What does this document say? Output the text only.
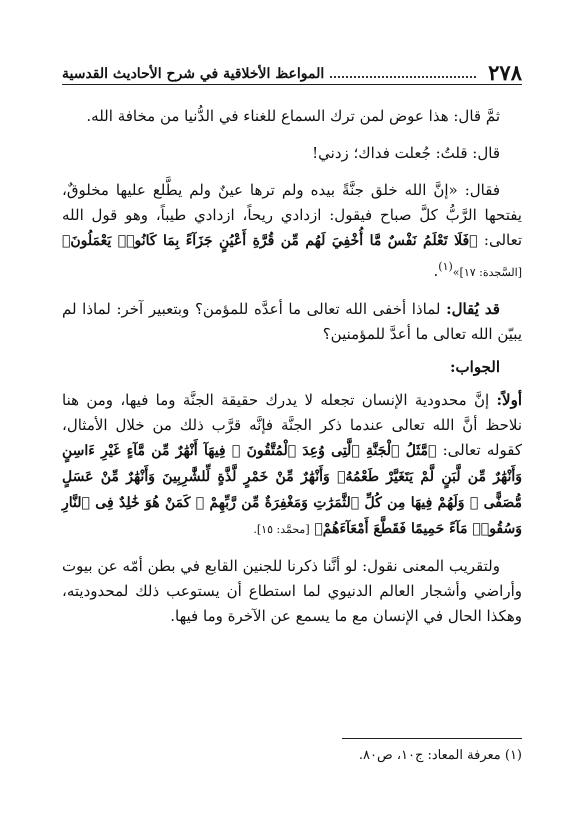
٢٧٨
المواعظ الأخلاقية في شرح الأحاديث القدسية

ثمَّ قال: هذا عوض لمن ترك السماع للغناء في الدُّنيا من مخافة الله.

قال: قلتُ: جُعلت فداك؛ زدني!

فقال: «إنَّ الله خلق جنَّةً بيده ولم ترها عينٌ ولم يطَّلع عليها مخلوقٌ، يفتحها الرَّبُّ كلَّ صباح فيقول: ازدادي ريحاً، ازدادي طيباً، وهو قول الله تعالى: ﴿فَلَا تَعْلَمُ نَفْسٌ مَّا أُخْفِيَ لَهُم مِّن قُرَّةِ أَعْيُنٍ جَزَآءً بِمَا كَانُوا۟ يَعْمَلُونَ﴾ [السَّجدة: ١٧]»$^{(١)}$.

قد يُقال: لماذا أخفى الله تعالى ما أعدَّه للمؤمن؟ وبتعبير آخر: لماذا لم يبيّن الله تعالى ما أعدَّ للمؤمنين؟

الجواب:

أولاً: إنَّ محدودية الإنسان تجعله لا يدرك حقيقة الجنَّة وما فيها، ومن هنا نلاحظ أنَّ الله تعالى عندما ذكر الجنَّة فإنَّه قرَّب ذلك من خلال الأمثال، كقوله تعالى: ﴿مَّثَلُ ٱلْجَنَّةِ ٱلَّتِى وُعِدَ ٱلْمُتَّقُونَ ۖ فِيهَآ أَنْهَٰرٌ مِّن مَّآءٍ غَيْرِ ءَاسِنٍ وَأَنْهَٰرٌ مِّن لَّبَنٍ لَّمْ يَتَغَيَّرْ طَعْمُهُۥ وَأَنْهَٰرٌ مِّنْ خَمْرٍ لَّذَّةٍ لِّلشَّٰرِبِينَ وَأَنْهَٰرٌ مِّنْ عَسَلٍ مُّصَفًّى ۖ وَلَهُمْ فِيهَا مِن كُلِّ ٱلثَّمَرَٰتِ وَمَغْفِرَةٌ مِّن رَّبِّهِمْ ۖ كَمَنْ هُوَ خَٰلِدٌ فِى ٱلنَّارِ وَسُقُوا۟ مَآءً حَمِيمًا فَقَطَّعَ أَمْعَآءَهُمْ﴾ [محمَّد: ١٥].

ولتقريب المعنى نقول: لو أنَّنا ذكرنا للجنين القابع في بطن أمّه عن بيوت وأراضي وأشجار العالم الدنيوي لما استطاع أن يستوعب ذلك لمحدوديته، وهكذا الحال في الإنسان مع ما يسمع عن الآخرة وما فيها.

(١) معرفة المعاد: ج١٠، ص٨٠.
